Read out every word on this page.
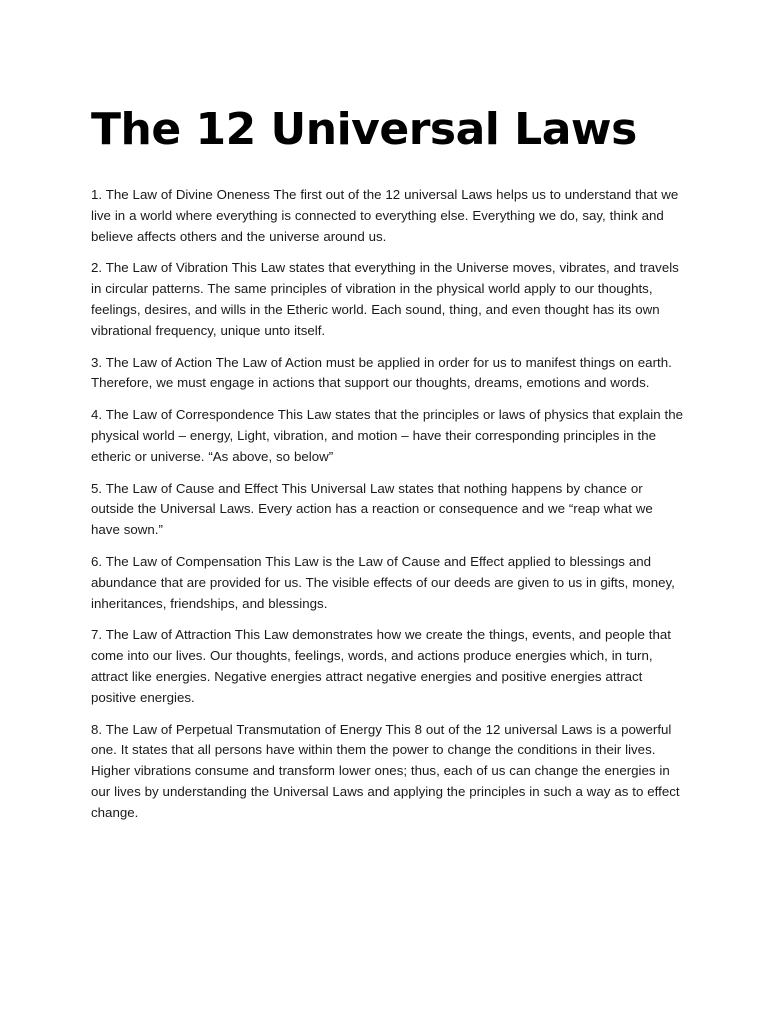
The 12 Universal Laws
1. The Law of Divine Oneness The first out of the 12 universal Laws helps us to understand that we live in a world where everything is connected to everything else. Everything we do, say, think and believe affects others and the universe around us.
2. The Law of Vibration This Law states that everything in the Universe moves, vibrates, and travels in circular patterns. The same principles of vibration in the physical world apply to our thoughts, feelings, desires, and wills in the Etheric world. Each sound, thing, and even thought has its own vibrational frequency, unique unto itself.
3. The Law of Action The Law of Action must be applied in order for us to manifest things on earth. Therefore, we must engage in actions that support our thoughts, dreams, emotions and words.
4. The Law of Correspondence This Law states that the principles or laws of physics that explain the physical world – energy, Light, vibration, and motion – have their corresponding principles in the etheric or universe. “As above, so below”
5. The Law of Cause and Effect This Universal Law states that nothing happens by chance or outside the Universal Laws. Every action has a reaction or consequence and we “reap what we have sown.”
6. The Law of Compensation This Law is the Law of Cause and Effect applied to blessings and abundance that are provided for us. The visible effects of our deeds are given to us in gifts, money, inheritances, friendships, and blessings.
7. The Law of Attraction This Law demonstrates how we create the things, events, and people that come into our lives. Our thoughts, feelings, words, and actions produce energies which, in turn, attract like energies. Negative energies attract negative energies and positive energies attract positive energies.
8. The Law of Perpetual Transmutation of Energy This 8 out of the 12 universal Laws is a powerful one. It states that all persons have within them the power to change the conditions in their lives. Higher vibrations consume and transform lower ones; thus, each of us can change the energies in our lives by understanding the Universal Laws and applying the principles in such a way as to effect change.
